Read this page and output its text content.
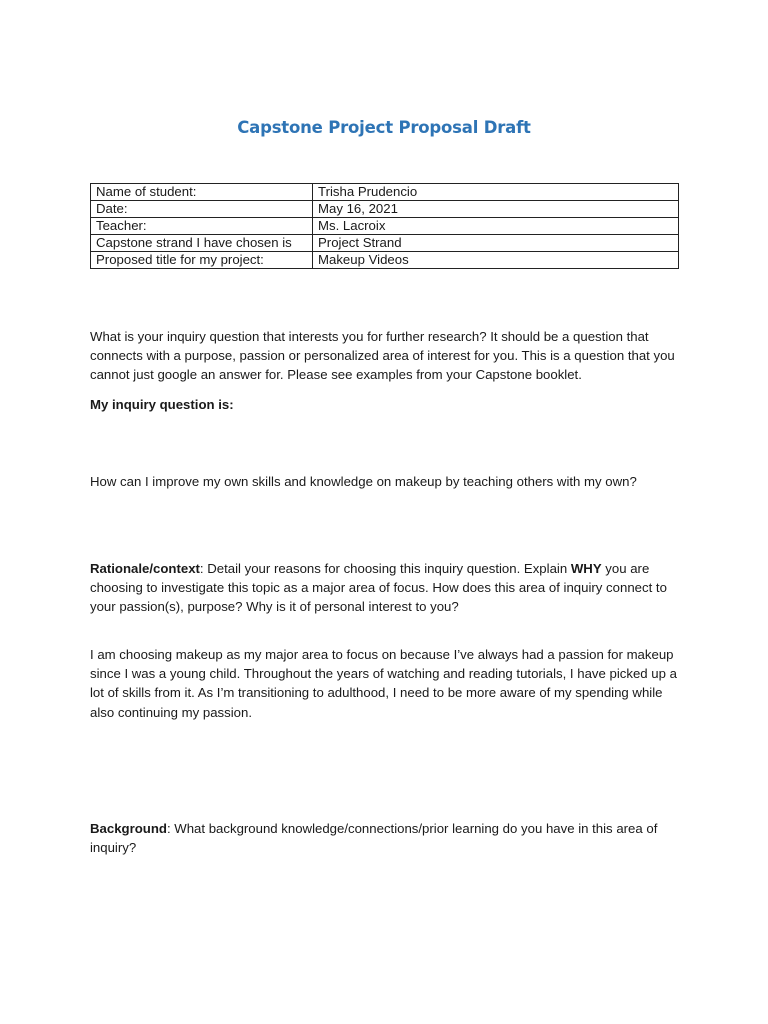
Capstone Project Proposal Draft
Name of student:	Trisha Prudencio
Date:	May 16, 2021
Teacher:	Ms. Lacroix
Capstone strand I have chosen is	Project Strand
Proposed title for my project:	Makeup Videos
What is your inquiry question that interests you for further research? It should be a question that connects with a purpose, passion or personalized area of interest for you. This is a question that you cannot just google an answer for. Please see examples from your Capstone booklet.
My inquiry question is:
How can I improve my own skills and knowledge on makeup by teaching others with my own?
Rationale/context: Detail your reasons for choosing this inquiry question. Explain WHY you are choosing to investigate this topic as a major area of focus. How does this area of inquiry connect to your passion(s), purpose? Why is it of personal interest to you?
I am choosing makeup as my major area to focus on because I’ve always had a passion for makeup since I was a young child. Throughout the years of watching and reading tutorials, I have picked up a lot of skills from it. As I’m transitioning to adulthood, I need to be more aware of my spending while also continuing my passion.
Background: What background knowledge/connections/prior learning do you have in this area of inquiry?
